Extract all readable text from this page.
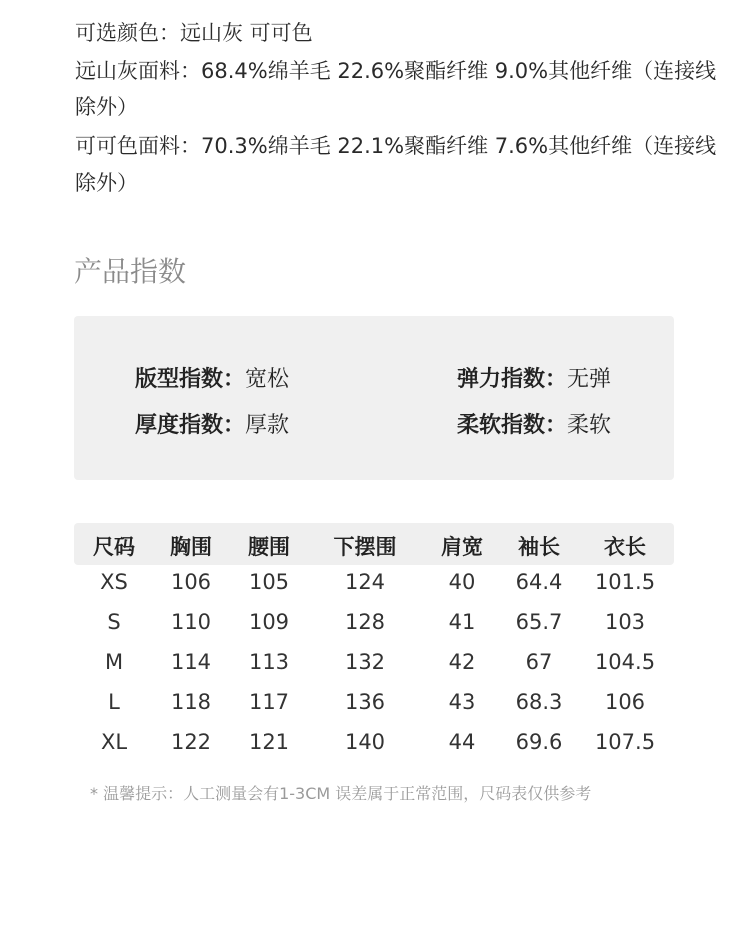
可选颜色：远山灰 可可色
远山灰面料：68.4%绵羊毛 22.6%聚酯纤维 9.0%其他纤维（连接线
除外）
可可色面料：70.3%绵羊毛 22.1%聚酯纤维 7.6%其他纤维（连接线
除外）
产品指数
版型指数：宽松	弹力指数：无弹
厚度指数：厚款	柔软指数：柔软
尺码	胸围	腰围	下摆围	肩宽	袖长	衣长
XS	106	105	124	40	64.4	101.5
S	110	109	128	41	65.7	103
M	114	113	132	42	67	104.5
L	118	117	136	43	68.3	106
XL	122	121	140	44	69.6	107.5
* 温馨提示：人工测量会有1-3CM 误差属于正常范围，尺码表仅供参考
